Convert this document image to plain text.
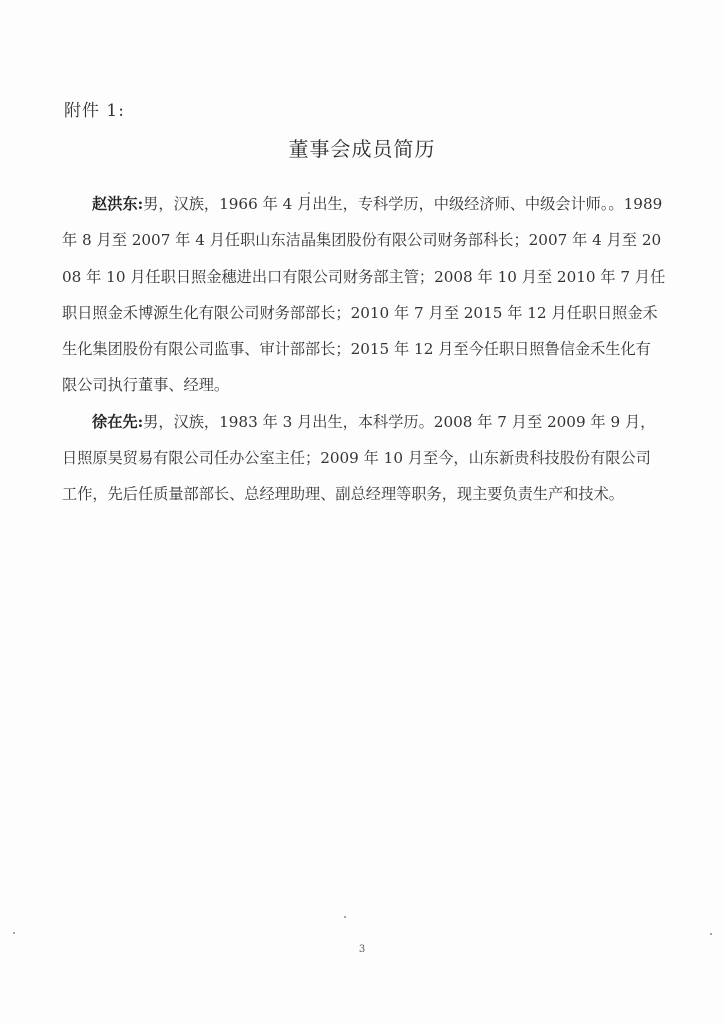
附件 1:
董事会成员简历

赵洪东:男，汉族，1966 年 4 月出生，专科学历，中级经济师、中级会计师。。1989 年 8 月至 2007 年 4 月任职山东洁晶集团股份有限公司财务部科长；2007 年 4 月至 2008 年 10 月任职日照金穗进出口有限公司财务部主管；2008 年 10 月至 2010 年 7 月任职日照金禾博源生化有限公司财务部部长；2010 年 7 月至 2015 年 12 月任职日照金禾生化集团股份有限公司监事、审计部部长；2015 年 12 月至今任职日照鲁信金禾生化有限公司执行董事、经理。

徐在先:男，汉族，1983 年 3 月出生，本科学历。2008 年 7 月至 2009 年 9 月，日照原昊贸易有限公司任办公室主任；2009 年 10 月至今，山东新贵科技股份有限公司工作，先后任质量部部长、总经理助理、副总经理等职务，现主要负责生产和技术。

3
